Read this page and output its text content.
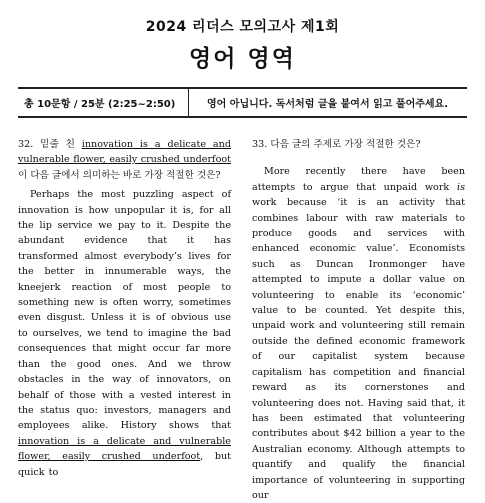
2024 리더스 모의고사 제1회
영어 영역
총 10문항 / 25분 (2:25~2:50)	영어 아닙니다. 독서처럼 글을 붙여서 읽고 풀어주세요.

32. 밑줄 친 innovation is a delicate and vulnerable flower, easily crushed underfoot이 다음 글에서 의미하는 바로 가장 적절한 것은?

Perhaps the most puzzling aspect of innovation is how unpopular it is, for all the lip service we pay to it. Despite the abundant evidence that it has transformed almost everybody’s lives for the better in innumerable ways, the kneejerk reaction of most people to something new is often worry, sometimes even disgust. Unless it is of obvious use to ourselves, we tend to imagine the bad consequences that might occur far more than the good ones. And we throw obstacles in the way of innovators, on behalf of those with a vested interest in the status quo: investors, managers and employees alike. History shows that innovation is a delicate and vulnerable flower, easily crushed underfoot, but quick to

33. 다음 글의 주제로 가장 적절한 것은?

More recently there have been attempts to argue that unpaid work is work because ‘it is an activity that combines labour with raw materials to produce goods and services with enhanced economic value’. Economists such as Duncan Ironmonger have attempted to impute a dollar value on volunteering to enable its ‘economic’ value to be counted. Yet despite this, unpaid work and volunteering still remain outside the defined economic framework of our capitalist system because capitalism has competition and financial reward as its cornerstones and volunteering does not. Having said that, it has been estimated that volunteering contributes about $42 billion a year to the Australian economy. Although attempts to quantify and qualify the financial importance of volunteering in supporting our
